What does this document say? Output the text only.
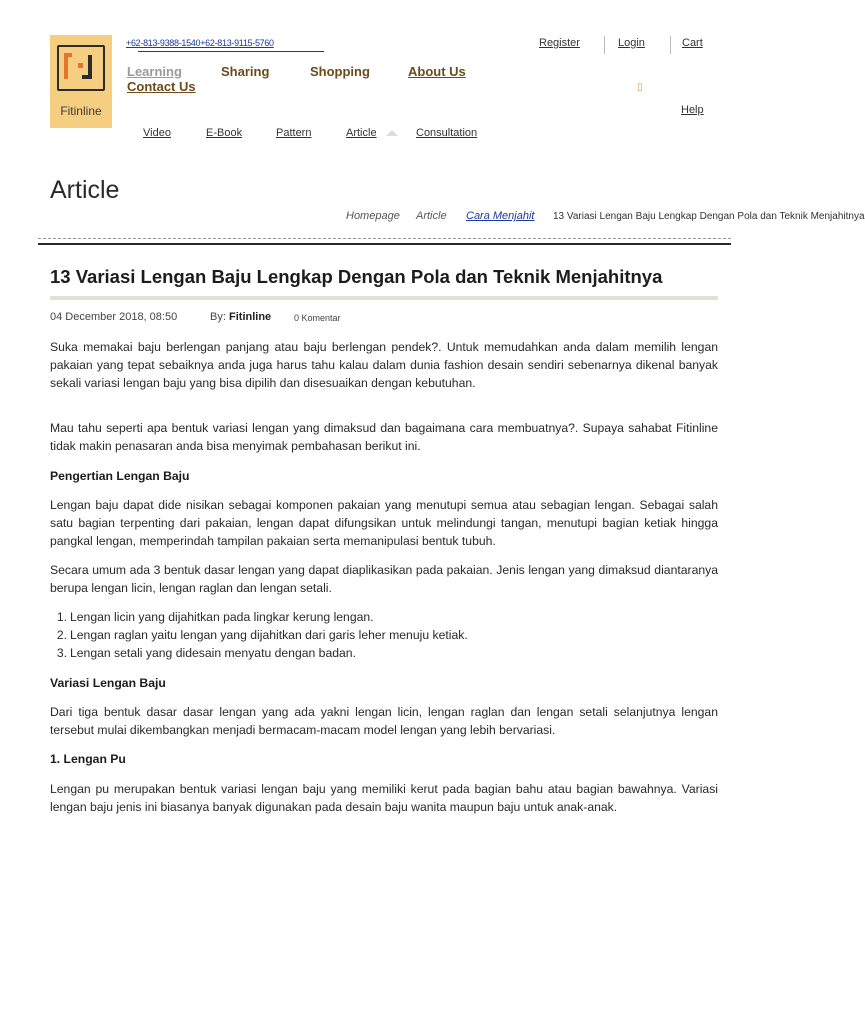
Fitinline
+62-813-9388-1540+62-813-9115-5760
Learning	Sharing	Shopping	About Us
Contact Us
Register	Login	Cart
▯
Help
Video	E-Book	Pattern	Article	Consultation
Article
Homepage Article Cara Menjahit 13 Variasi Lengan Baju Lengkap Dengan Pola dan Teknik Menjahitnya
13 Variasi Lengan Baju Lengkap Dengan Pola dan Teknik Menjahitnya
04 December 2018, 08:50	By: Fitinline	0 Komentar

Suka memakai baju berlengan panjang atau baju berlengan pendek?. Untuk memudahkan anda dalam memilih lengan pakaian yang tepat sebaiknya anda juga harus tahu kalau dalam dunia fashion desain sendiri sebenarnya dikenal banyak sekali variasi lengan baju yang bisa dipilih dan disesuaikan dengan kebutuhan.

Mau tahu seperti apa bentuk variasi lengan yang dimaksud dan bagaimana cara membuatnya?. Supaya sahabat Fitinline tidak makin penasaran anda bisa menyimak pembahasan berikut ini.

Pengertian Lengan Baju

Lengan baju dapat dide nisikan sebagai komponen pakaian yang menutupi semua atau sebagian lengan. Sebagai salah satu bagian terpenting dari pakaian, lengan dapat difungsikan untuk melindungi tangan, menutupi bagian ketiak hingga pangkal lengan, memperindah tampilan pakaian serta memanipulasi bentuk tubuh.

Secara umum ada 3 bentuk dasar lengan yang dapat diaplikasikan pada pakaian. Jenis lengan yang dimaksud diantaranya berupa lengan licin, lengan raglan dan lengan setali.

1. Lengan licin yang dijahitkan pada lingkar kerung lengan.
2. Lengan raglan yaitu lengan yang dijahitkan dari garis leher menuju ketiak.
3. Lengan setali yang didesain menyatu dengan badan.
Variasi Lengan Baju

Dari tiga bentuk dasar dasar lengan yang ada yakni lengan licin, lengan raglan dan lengan setali selanjutnya lengan tersebut mulai dikembangkan menjadi bermacam-macam model lengan yang lebih bervariasi.

1. Lengan Pu

Lengan pu merupakan bentuk variasi lengan baju yang memiliki kerut pada bagian bahu atau bagian bawahnya. Variasi lengan baju jenis ini biasanya banyak digunakan pada desain baju wanita maupun baju untuk anak-anak.
